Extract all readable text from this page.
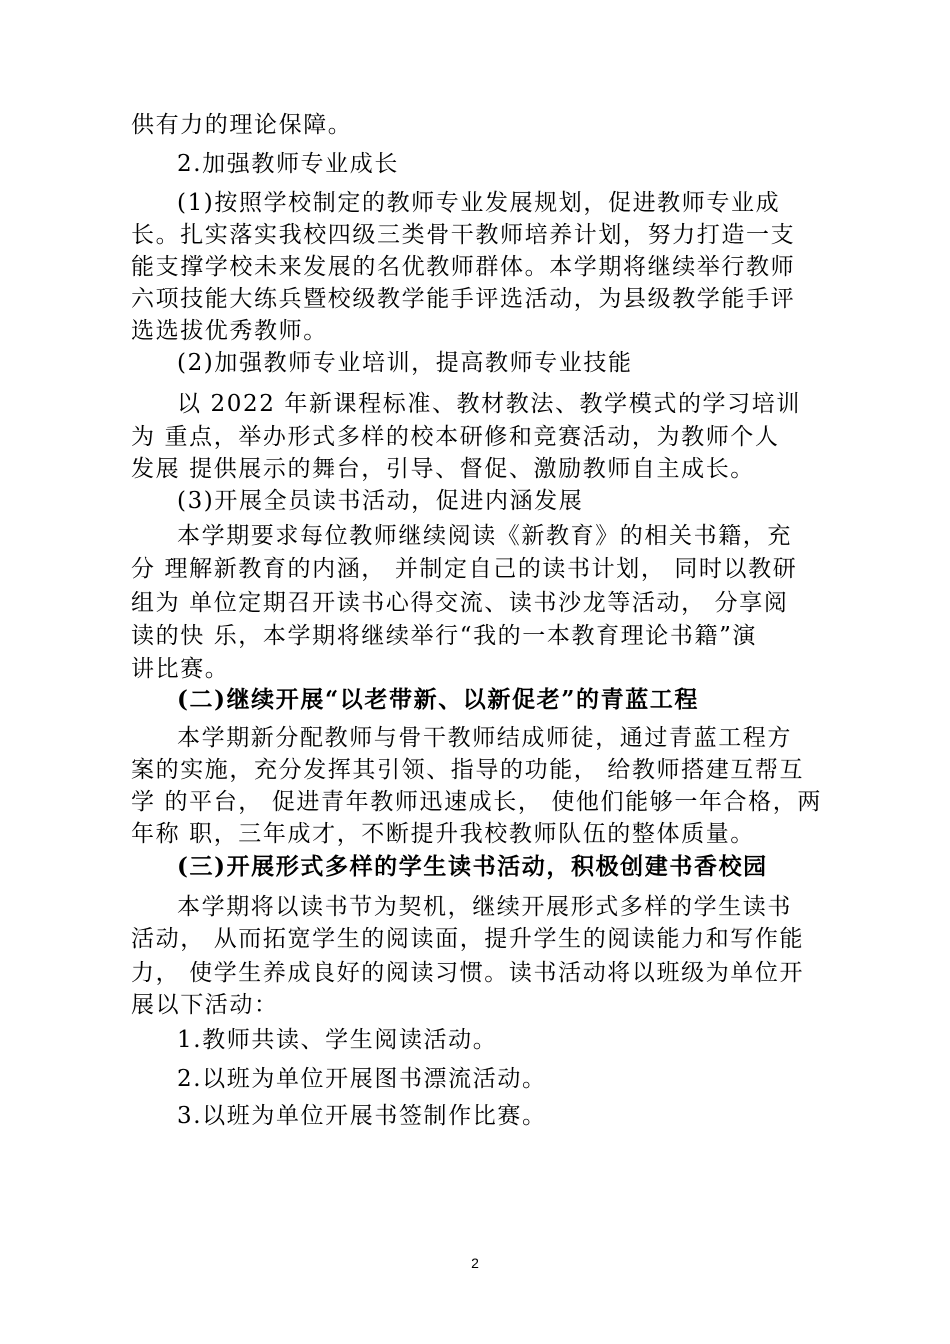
供有力的理论保障。

2.加强教师专业成长

(1)按照学校制定的教师专业发展规划，促进教师专业成

长。扎实落实我校四级三类骨干教师培养计划，努力打造一支

能支撑学校未来发展的名优教师群体。本学期将继续举行教师

六项技能大练兵暨校级教学能手评选活动，为县级教学能手评

选选拔优秀教师。

(2)加强教师专业培训，提高教师专业技能

以 2022 年新课程标准、教材教法、教学模式的学习培训

为 重点，举办形式多样的校本研修和竞赛活动，为教师个人

发展 提供展示的舞台，引导、督促、激励教师自主成长。

(3)开展全员读书活动，促进内涵发展

本学期要求每位教师继续阅读《新教育》的相关书籍，充

分 理解新教育的内涵， 并制定自己的读书计划， 同时以教研

组为 单位定期召开读书心得交流、读书沙龙等活动， 分享阅

读的快 乐，本学期将继续举行“我的一本教育理论书籍”演

讲比赛。

(二)继续开展“以老带新、以新促老”的青蓝工程

本学期新分配教师与骨干教师结成师徒，通过青蓝工程方

案的实施，充分发挥其引领、指导的功能， 给教师搭建互帮互

学 的平台， 促进青年教师迅速成长， 使他们能够一年合格，两

年称 职，三年成才，不断提升我校教师队伍的整体质量。

(三)开展形式多样的学生读书活动，积极创建书香校园

本学期将以读书节为契机，继续开展形式多样的学生读书

活动， 从而拓宽学生的阅读面，提升学生的阅读能力和写作能

力， 使学生养成良好的阅读习惯。读书活动将以班级为单位开

展以下活动：

1.教师共读、学生阅读活动。

2.以班为单位开展图书漂流活动。

3.以班为单位开展书签制作比赛。

2
